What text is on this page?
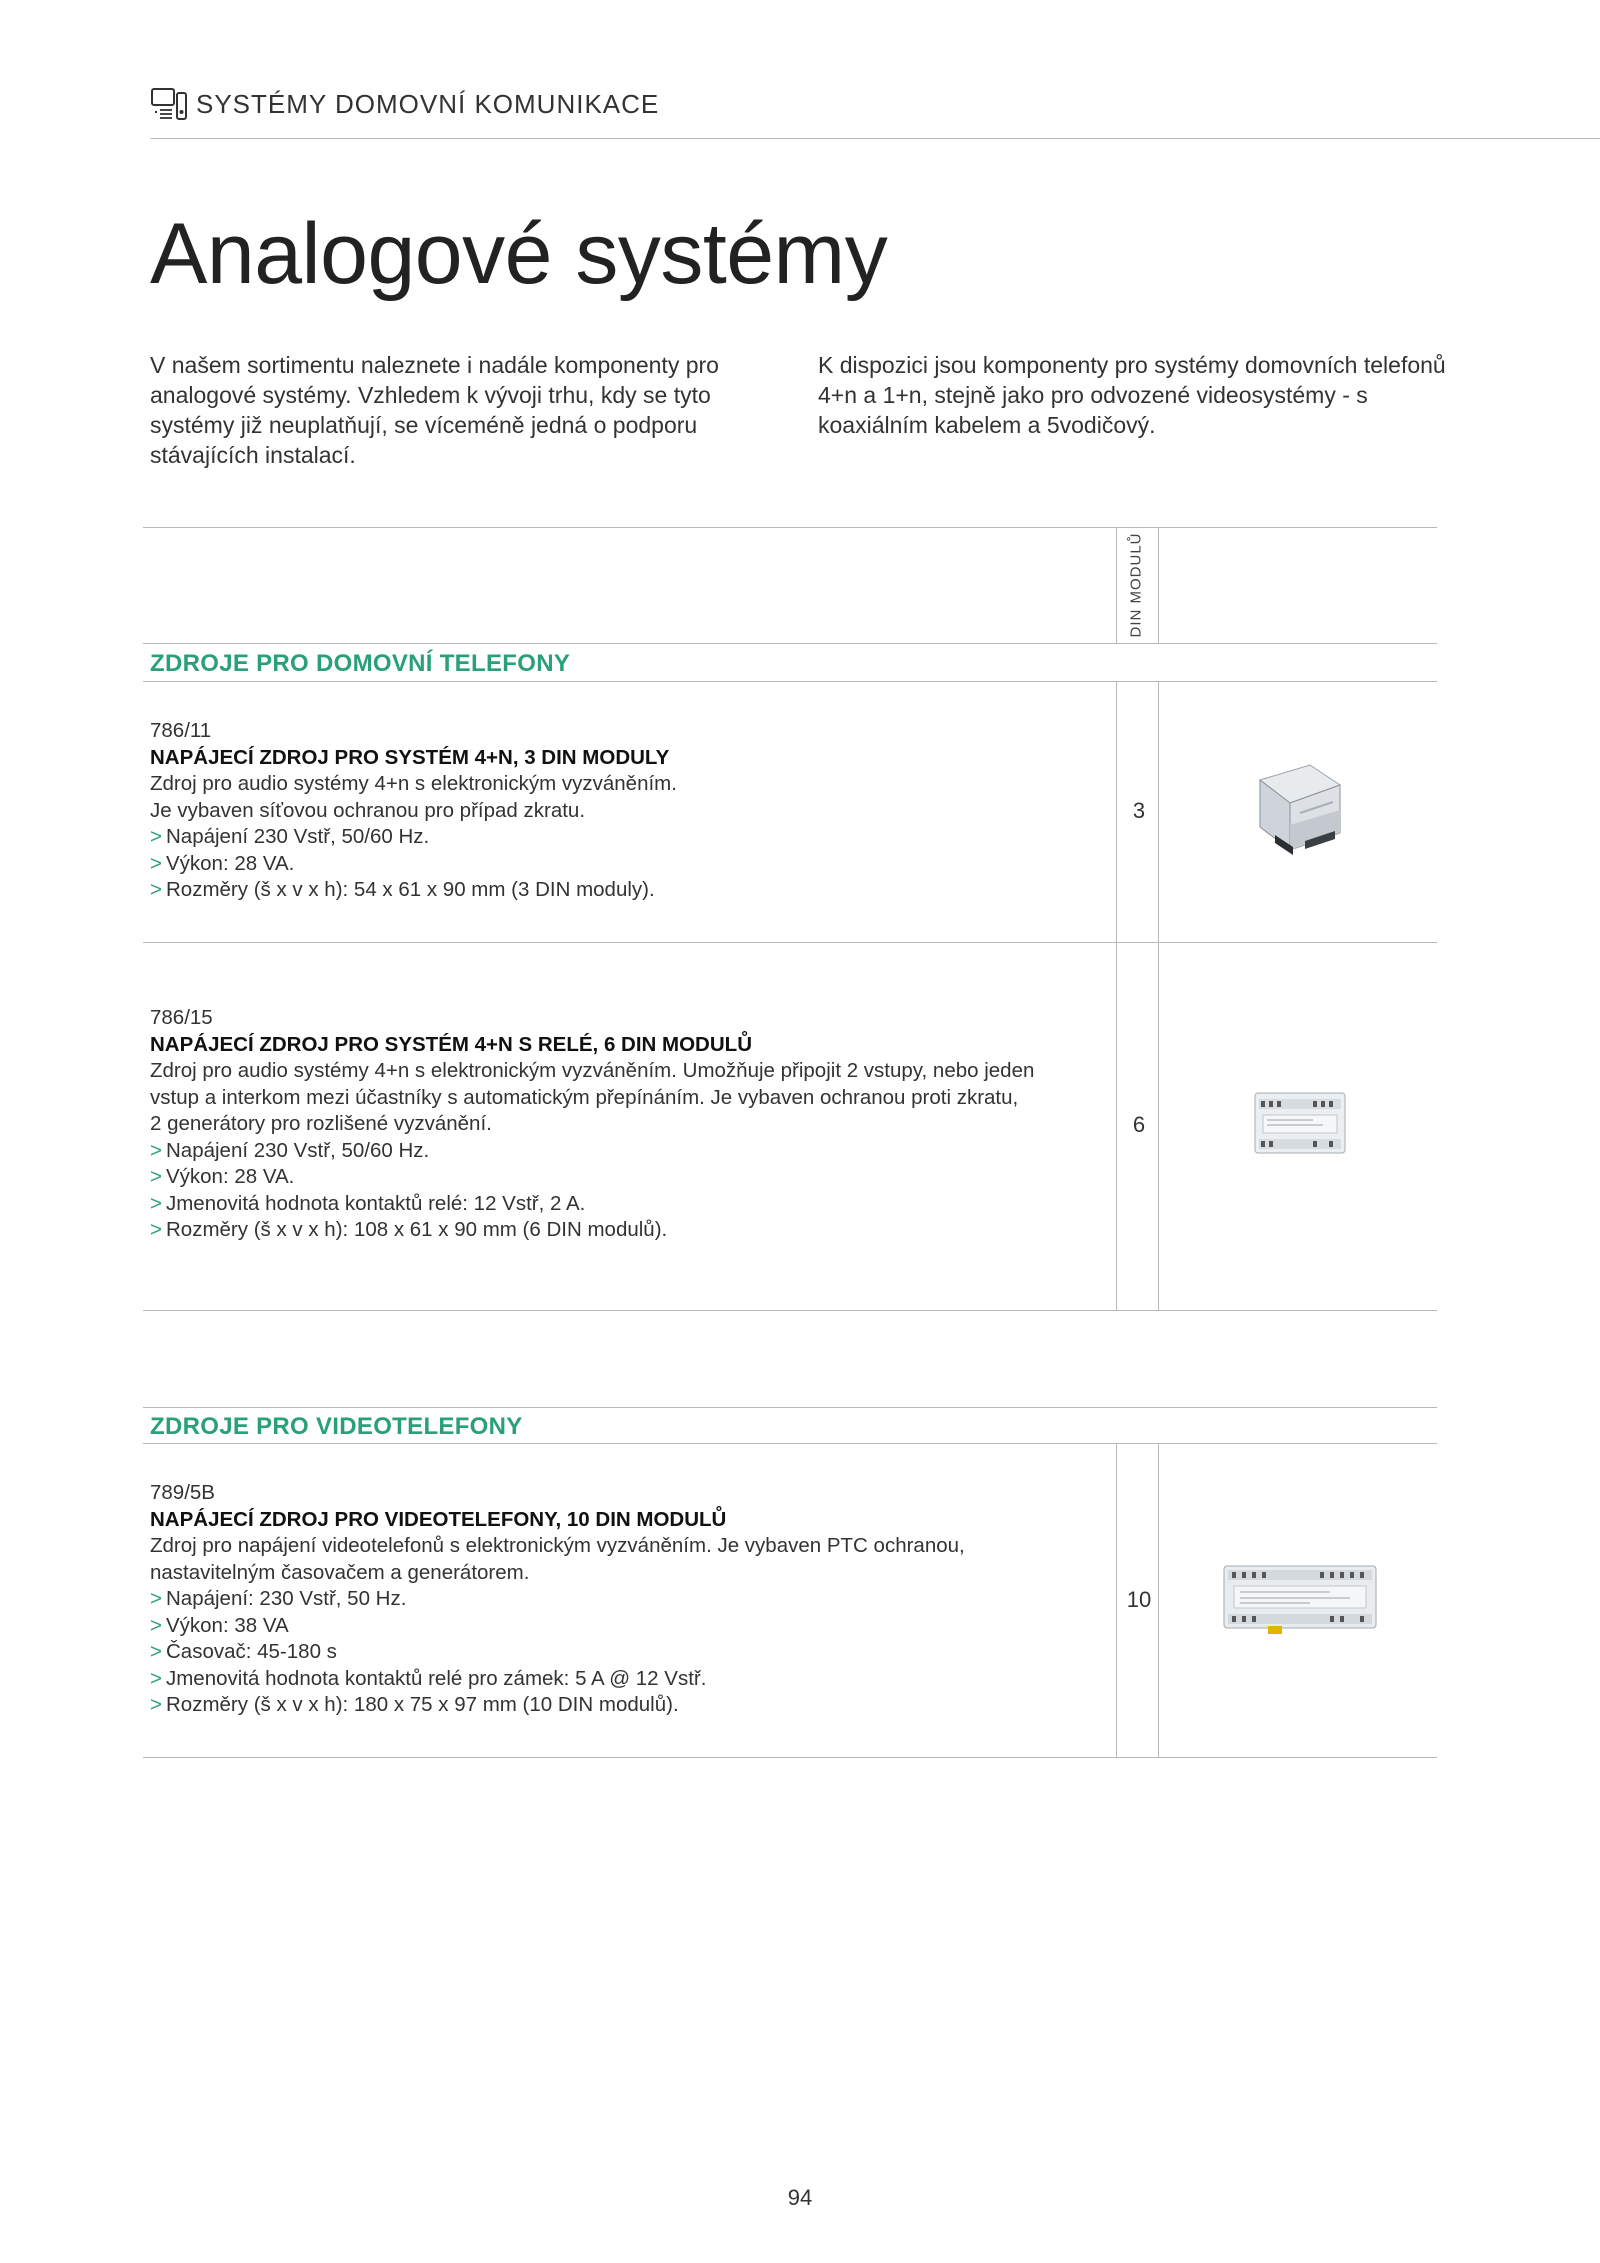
SYSTÉMY DOMOVNÍ KOMUNIKACE
Analogové systémy
V našem sortimentu naleznete i nadále komponenty pro analogové systémy. Vzhledem k vývoji trhu, kdy se tyto systémy již neuplatňují, se víceméně jedná o podporu stávajících instalací.
K dispozici jsou komponenty pro systémy domovních telefonů 4+n a 1+n, stejně jako pro odvozené videosystémy - s koaxiálním kabelem a 5vodičový.
DIN MODULŮ
ZDROJE PRO DOMOVNÍ TELEFONY
786/11
NAPÁJECÍ ZDROJ PRO SYSTÉM 4+N, 3 DIN MODULY
Zdroj pro audio systémy 4+n s elektronickým vyzváněním.
Je vybaven síťovou ochranou pro případ zkratu.
> Napájení 230 Vstř, 50/60 Hz.
> Výkon: 28 VA.
> Rozměry (š x v x h): 54 x 61 x 90 mm (3 DIN moduly).
3
786/15
NAPÁJECÍ ZDROJ PRO SYSTÉM 4+N S RELÉ, 6 DIN MODULŮ
Zdroj pro audio systémy 4+n s elektronickým vyzváněním. Umožňuje připojit 2 vstupy, nebo jeden
vstup a interkom mezi účastníky s automatickým přepínáním. Je vybaven ochranou proti zkratu,
2 generátory pro rozlišené vyzvánění.
> Napájení 230 Vstř, 50/60 Hz.
> Výkon: 28 VA.
> Jmenovitá hodnota kontaktů relé: 12 Vstř, 2 A.
> Rozměry (š x v x h): 108 x 61 x 90 mm (6 DIN modulů).
6
ZDROJE PRO VIDEOTELEFONY
789/5B
NAPÁJECÍ ZDROJ PRO VIDEOTELEFONY, 10 DIN MODULŮ
Zdroj pro napájení videotelefonů s elektronickým vyzváněním. Je vybaven PTC ochranou,
nastavitelným časovačem a generátorem.
> Napájení: 230 Vstř, 50 Hz.
> Výkon: 38 VA
> Časovač: 45-180 s
> Jmenovitá hodnota kontaktů relé pro zámek: 5 A @ 12 Vstř.
> Rozměry (š x v x h): 180 x 75 x 97 mm (10 DIN modulů).
10
94
